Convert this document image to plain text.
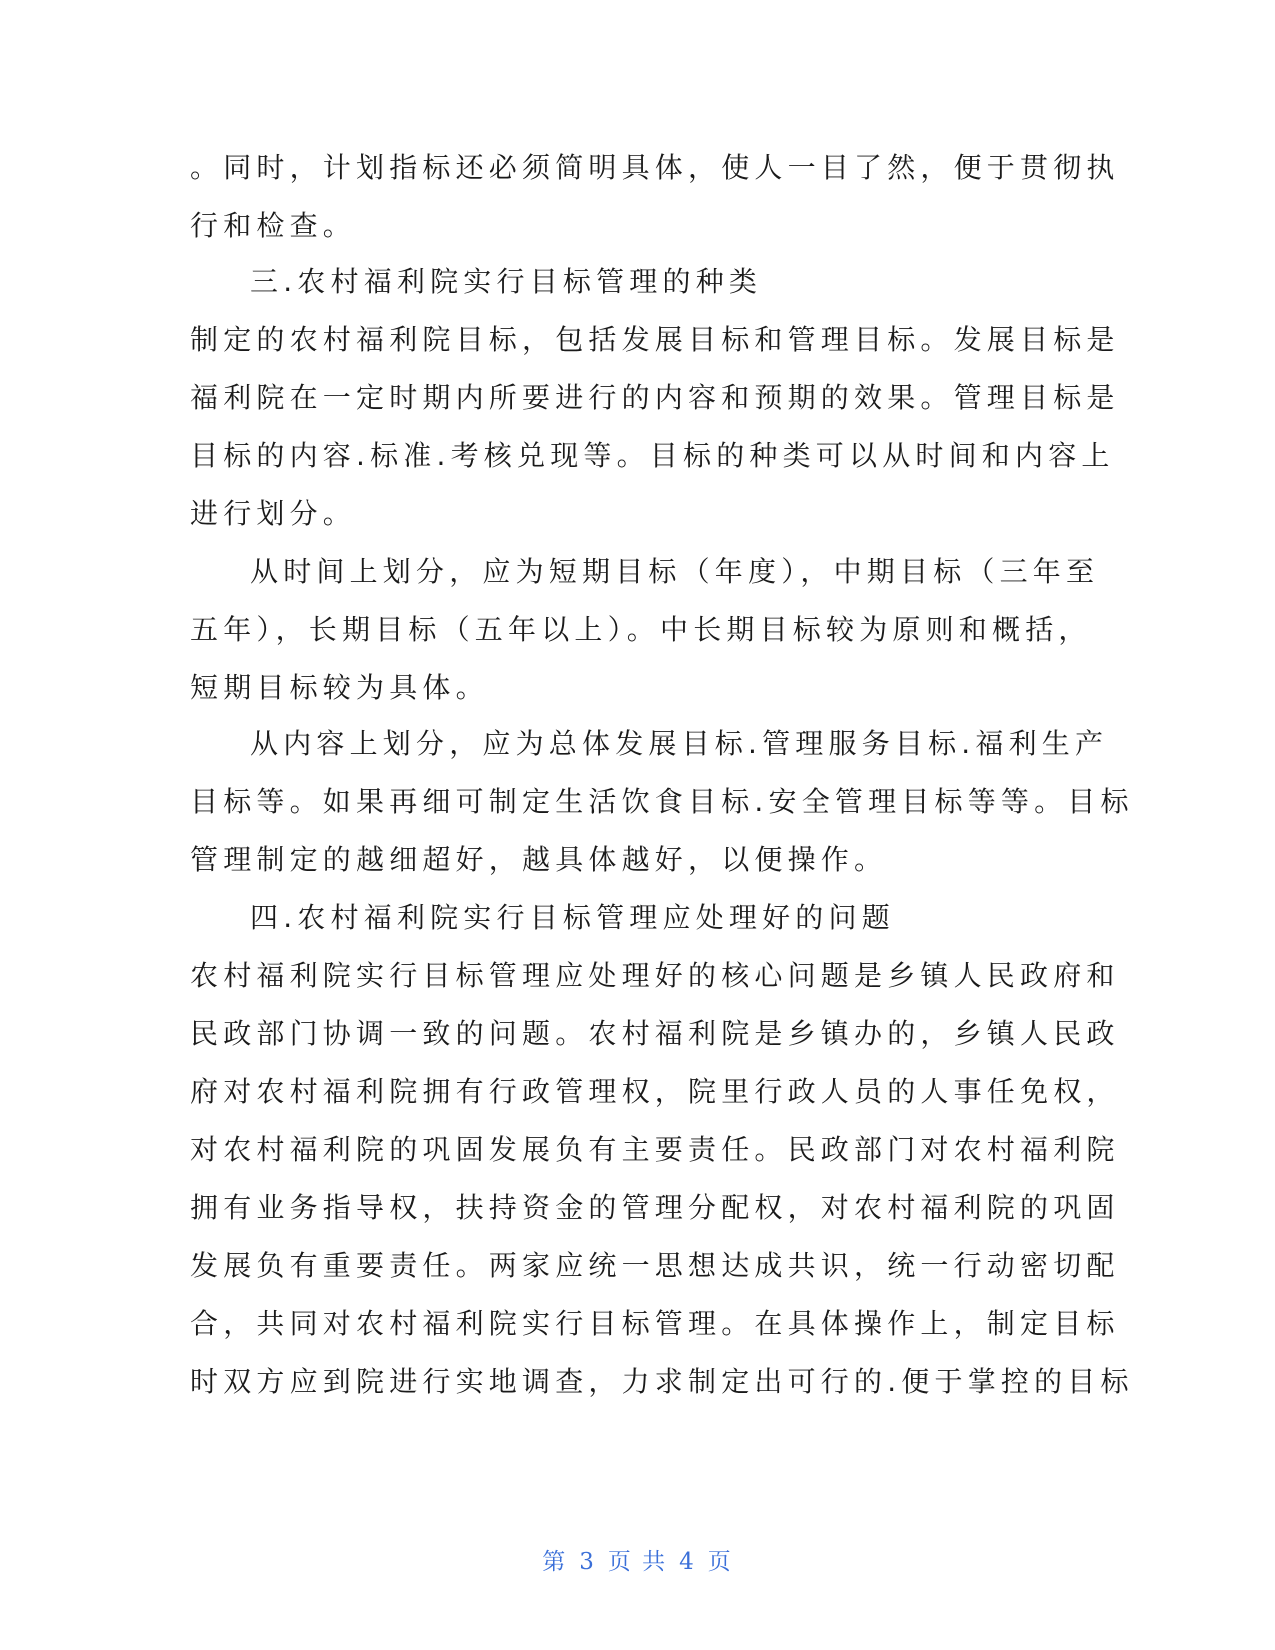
。同时，计划指标还必须简明具体，使人一目了然，便于贯彻执
行和检查。
三.农村福利院实行目标管理的种类
制定的农村福利院目标，包括发展目标和管理目标。发展目标是
福利院在一定时期内所要进行的内容和预期的效果。管理目标是
目标的内容.标准.考核兑现等。目标的种类可以从时间和内容上
进行划分。
从时间上划分，应为短期目标（年度），中期目标（三年至
五年），长期目标（五年以上）。中长期目标较为原则和概括，
短期目标较为具体。
从内容上划分，应为总体发展目标.管理服务目标.福利生产
目标等。如果再细可制定生活饮食目标.安全管理目标等等。目标
管理制定的越细超好，越具体越好，以便操作。
四.农村福利院实行目标管理应处理好的问题
农村福利院实行目标管理应处理好的核心问题是乡镇人民政府和
民政部门协调一致的问题。农村福利院是乡镇办的，乡镇人民政
府对农村福利院拥有行政管理权，院里行政人员的人事任免权，
对农村福利院的巩固发展负有主要责任。民政部门对农村福利院
拥有业务指导权，扶持资金的管理分配权，对农村福利院的巩固
发展负有重要责任。两家应统一思想达成共识，统一行动密切配
合，共同对农村福利院实行目标管理。在具体操作上，制定目标
时双方应到院进行实地调查，力求制定出可行的.便于掌控的目标
第 3 页 共 4 页
